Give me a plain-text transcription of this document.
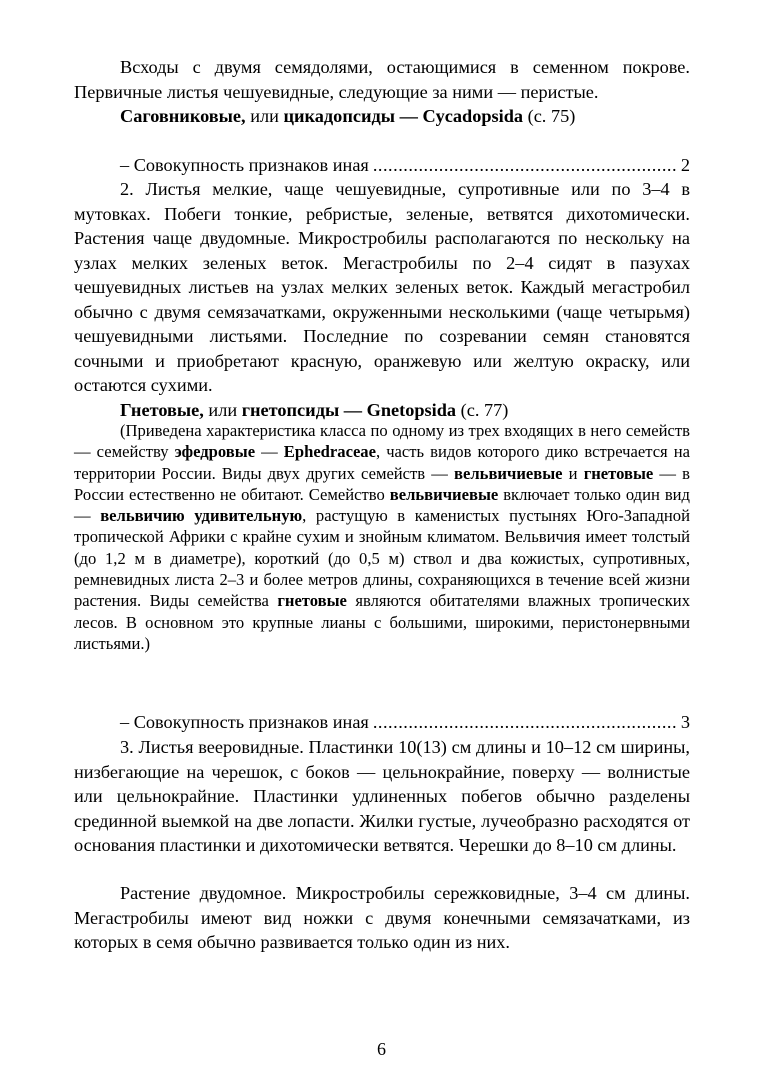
Всходы с двумя семядолями, остающимися в семенном покрове. Первичные листья чешуевидные, следующие за ними — перистые.

Саговниковые, или цикадопсиды — Cycadopsida (с. 75)

– Совокупность признаков иная .....	2

2. Листья мелкие, чаще чешуевидные, супротивные или по 3–4 в мутовках. Побеги тонкие, ребристые, зеленые, ветвятся дихотомически. Растения чаще двудомные. Микростробилы располагаются по нескольку на узлах мелких зеленых веток. Мегастробилы по 2–4 сидят в пазухах чешуевидных листьев на узлах мелких зеленых веток. Каждый мегастробил обычно с двумя семязачатками, окруженными несколькими (чаще четырьмя) чешуевидными листьями. Последние по созревании семян становятся сочными и приобретают красную, оранжевую или желтую окраску, или остаются сухими.

Гнетовые, или гнетопсиды — Gnetopsida (с. 77)

(Приведена характеристика класса по одному из трех входящих в него семейств — семейству эфедровые — Ephedraceae, часть видов которого дико встречается на территории России. Виды двух других семейств — вельвичиевые и гнетовые — в России естественно не обитают. Семейство вельвичиевые включает только один вид — вельвичию удивительную, растущую в каменистых пустынях Юго-Западной тропической Африки с крайне сухим и знойным климатом. Вельвичия имеет толстый (до 1,2 м в диаметре), короткий (до 0,5 м) ствол и два кожистых, супротивных, ремневидных листа 2–3 и более метров длины, сохраняющихся в течение всей жизни растения. Виды семейства гнетовые являются обитателями влажных тропических лесов. В основном это крупные лианы с большими, широкими, перистонервными листьями.)

– Совокупность признаков иная .....	3

3. Листья вееровидные. Пластинки 10(13) см длины и 10–12 см ширины, низбегающие на черешок, с боков — цельнокрайние, поверху — волнистые или цельнокрайние. Пластинки удлиненных побегов обычно разделены срединной выемкой на две лопасти. Жилки густые, лучеобразно расходятся от основания пластинки и дихотомически ветвятся. Черешки до 8–10 см длины.

Растение двудомное. Микростробилы сережковидные, 3–4 см длины. Мегастробилы имеют вид ножки с двумя конечными семязачатками, из которых в семя обычно развивается только один из них.

6
